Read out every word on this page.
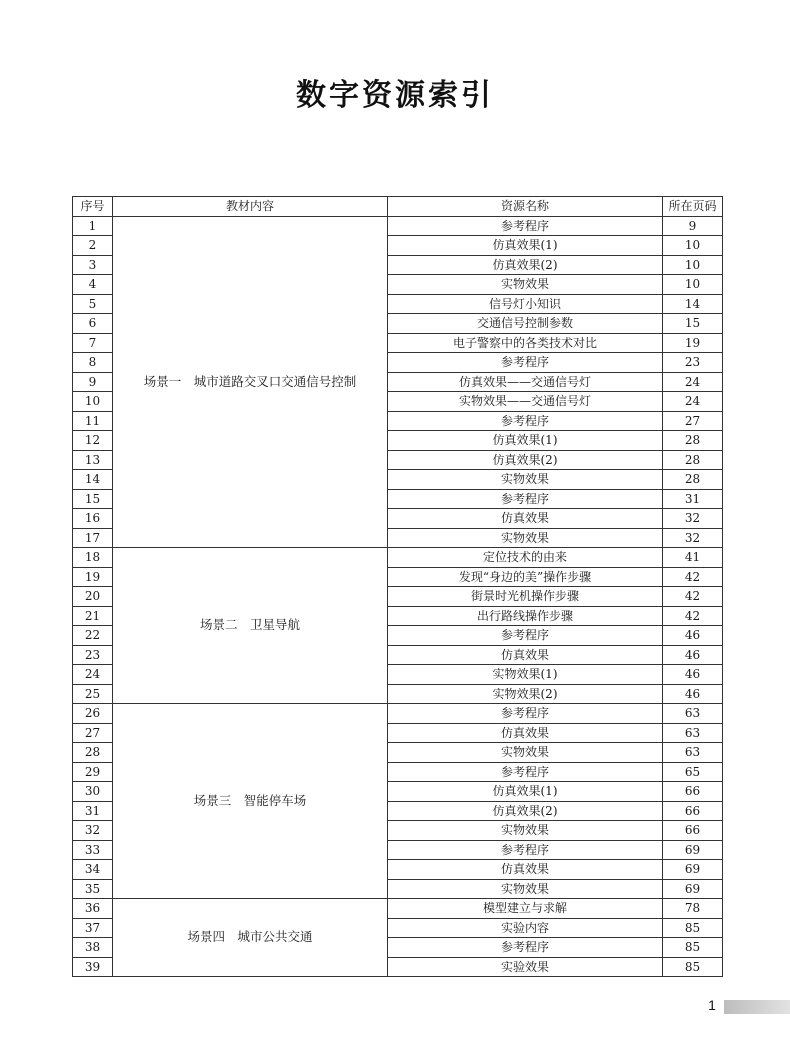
数字资源索引
序号	教材内容	资源名称	所在页码
1	场景一　城市道路交叉口交通信号控制	参考程序	9
2		仿真效果(1)	10
3		仿真效果(2)	10
4		实物效果	10
5		信号灯小知识	14
6		交通信号控制参数	15
7		电子警察中的各类技术对比	19
8		参考程序	23
9		仿真效果——交通信号灯	24
10		实物效果——交通信号灯	24
11		参考程序	27
12		仿真效果(1)	28
13		仿真效果(2)	28
14		实物效果	28
15		参考程序	31
16		仿真效果	32
17		实物效果	32
18	场景二　卫星导航	定位技术的由来	41
19		发现“身边的美”操作步骤	42
20		街景时光机操作步骤	42
21		出行路线操作步骤	42
22		参考程序	46
23		仿真效果	46
24		实物效果(1)	46
25		实物效果(2)	46
26	场景三　智能停车场	参考程序	63
27		仿真效果	63
28		实物效果	63
29		参考程序	65
30		仿真效果(1)	66
31		仿真效果(2)	66
32		实物效果	66
33		参考程序	69
34		仿真效果	69
35		实物效果	69
36	场景四　城市公共交通	模型建立与求解	78
37		实验内容	85
38		参考程序	85
39		实验效果	85
1
